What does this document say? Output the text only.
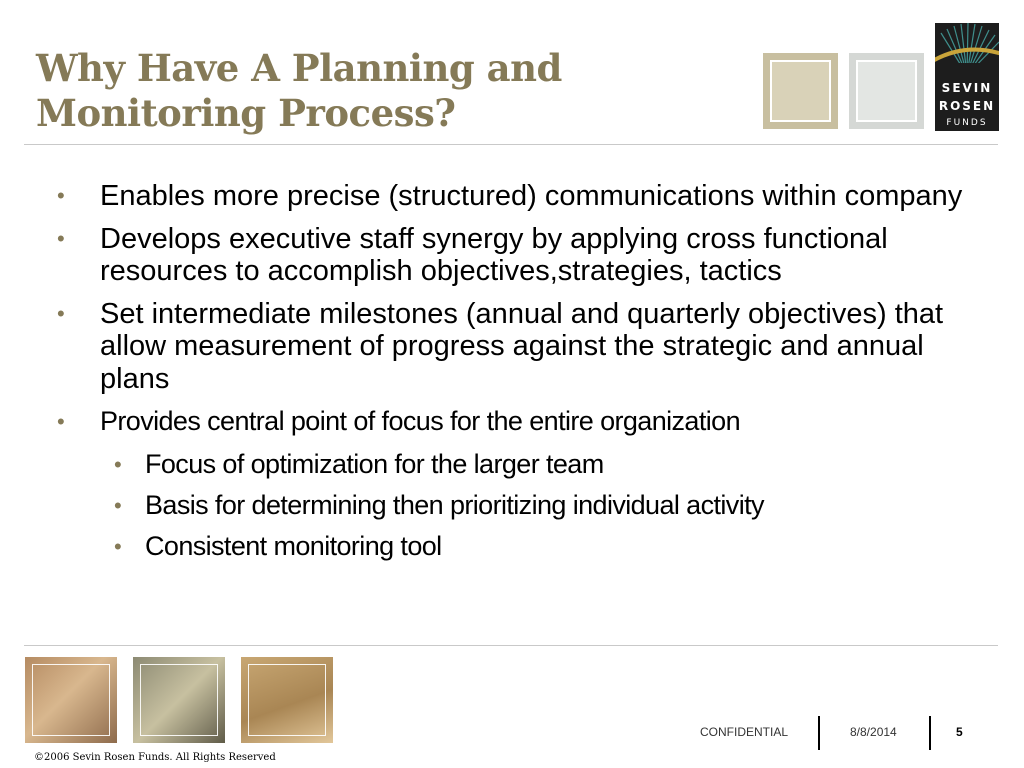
Why Have A Planning and
Monitoring Process?
SEVIN
ROSEN
FUNDS
• Enables more precise (structured) communications within company
• Develops executive staff synergy by applying cross functional resources to accomplish objectives,strategies, tactics
• Set intermediate milestones (annual and quarterly objectives) that allow measurement of progress against the strategic and annual plans
• Provides central point of focus for the entire organization
• Focus of optimization for the larger team
• Basis for determining then prioritizing individual activity
• Consistent monitoring tool
CONFIDENTIAL	8/8/2014	5
©2006 Sevin Rosen Funds. All Rights Reserved
